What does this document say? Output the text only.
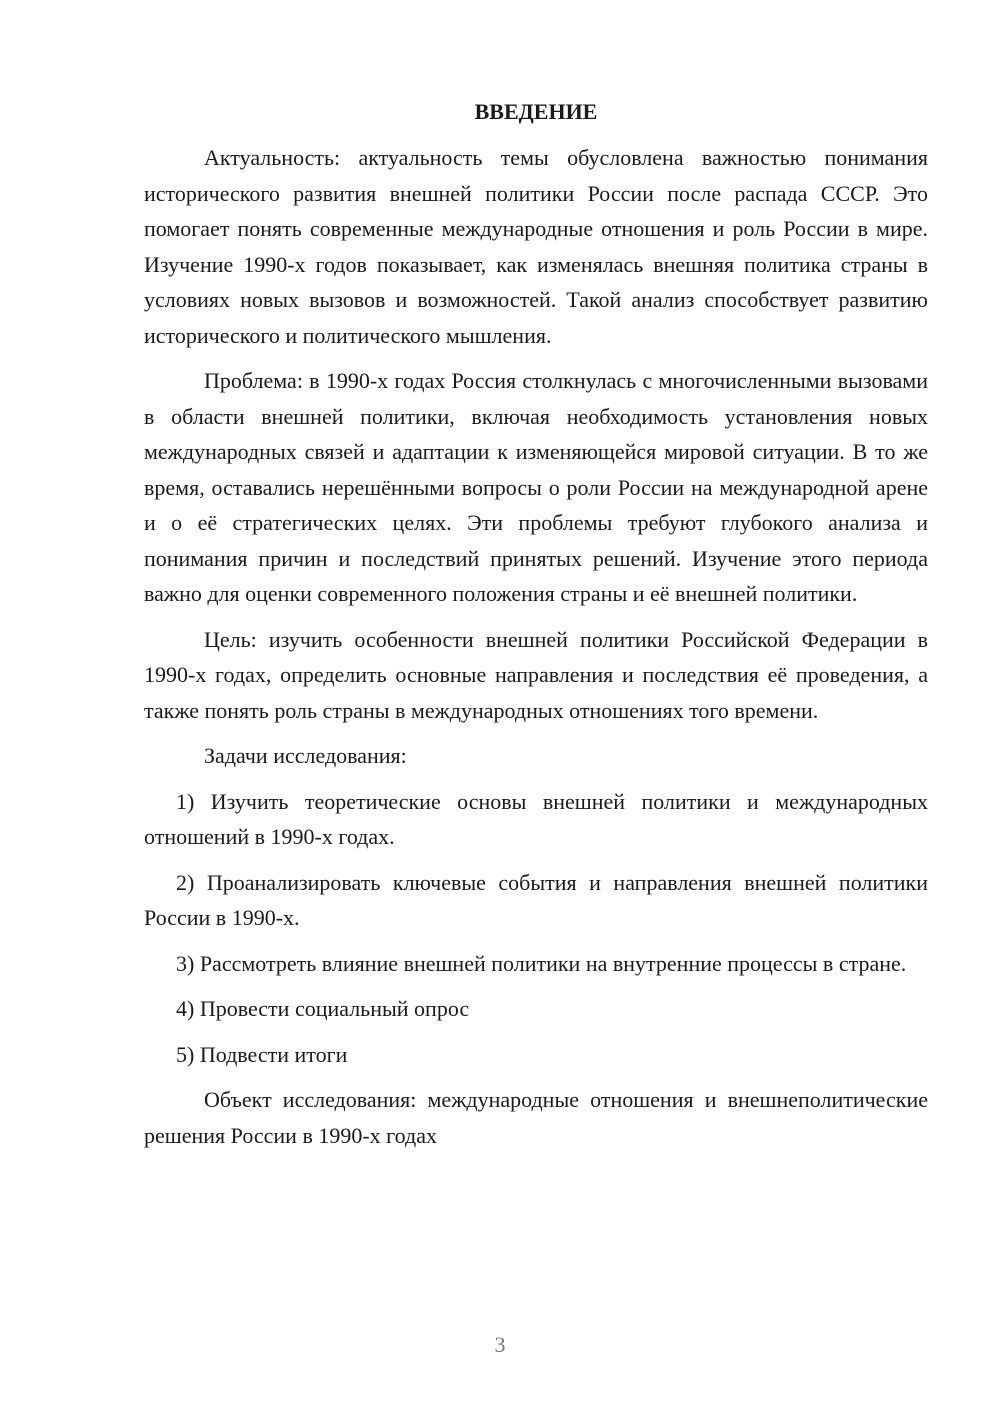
ВВЕДЕНИЕ

Актуальность: актуальность темы обусловлена важностью понимания исторического развития внешней политики России после распада СССР. Это помогает понять современные международные отношения и роль России в мире. Изучение 1990-х годов показывает, как изменялась внешняя политика страны в условиях новых вызовов и возможностей. Такой анализ способствует развитию исторического и политического мышления.

Проблема: в 1990-х годах Россия столкнулась с многочисленными вызовами в области внешней политики, включая необходимость установления новых международных связей и адаптации к изменяющейся мировой ситуации. В то же время, оставались нерешёнными вопросы о роли России на международной арене и о её стратегических целях. Эти проблемы требуют глубокого анализа и понимания причин и последствий принятых решений. Изучение этого периода важно для оценки современного положения страны и её внешней политики.

Цель: изучить особенности внешней политики Российской Федерации в 1990-х годах, определить основные направления и последствия её проведения, а также понять роль страны в международных отношениях того времени.

Задачи исследования:

1) Изучить теоретические основы внешней политики и международных отношений в 1990-х годах.

2) Проанализировать ключевые события и направления внешней политики России в 1990-х.

3) Рассмотреть влияние внешней политики на внутренние процессы в стране.

4) Провести социальный опрос

5) Подвести итоги

Объект исследования: международные отношения и внешнеполитические решения России в 1990-х годах

3
